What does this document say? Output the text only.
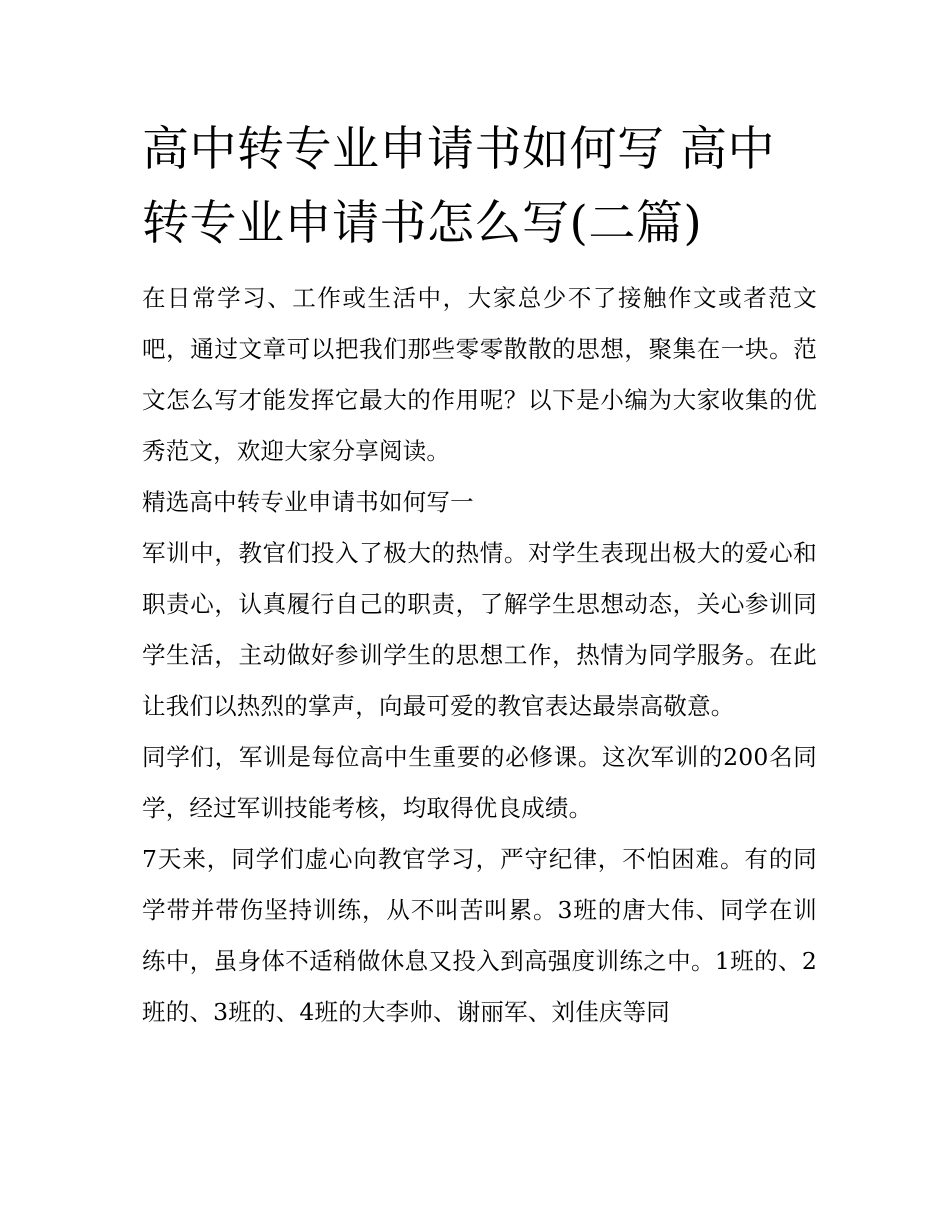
高中转专业申请书如何写 高中转专业申请书怎么写(二篇)

在日常学习、工作或生活中，大家总少不了接触作文或者范文吧，通过文章可以把我们那些零零散散的思想，聚集在一块。范文怎么写才能发挥它最大的作用呢？以下是小编为大家收集的优秀范文，欢迎大家分享阅读。

精选高中转专业申请书如何写一

军训中，教官们投入了极大的热情。对学生表现出极大的爱心和职责心，认真履行自己的职责，了解学生思想动态，关心参训同学生活，主动做好参训学生的思想工作，热情为同学服务。在此让我们以热烈的掌声，向最可爱的教官表达最崇高敬意。

同学们，军训是每位高中生重要的必修课。这次军训的200名同学，经过军训技能考核，均取得优良成绩。

7天来，同学们虚心向教官学习，严守纪律，不怕困难。有的同学带并带伤坚持训练，从不叫苦叫累。3班的唐大伟、同学在训练中，虽身体不适稍做休息又投入到高强度训练之中。1班的、2班的、3班的、4班的大李帅、谢丽军、刘佳庆等同
